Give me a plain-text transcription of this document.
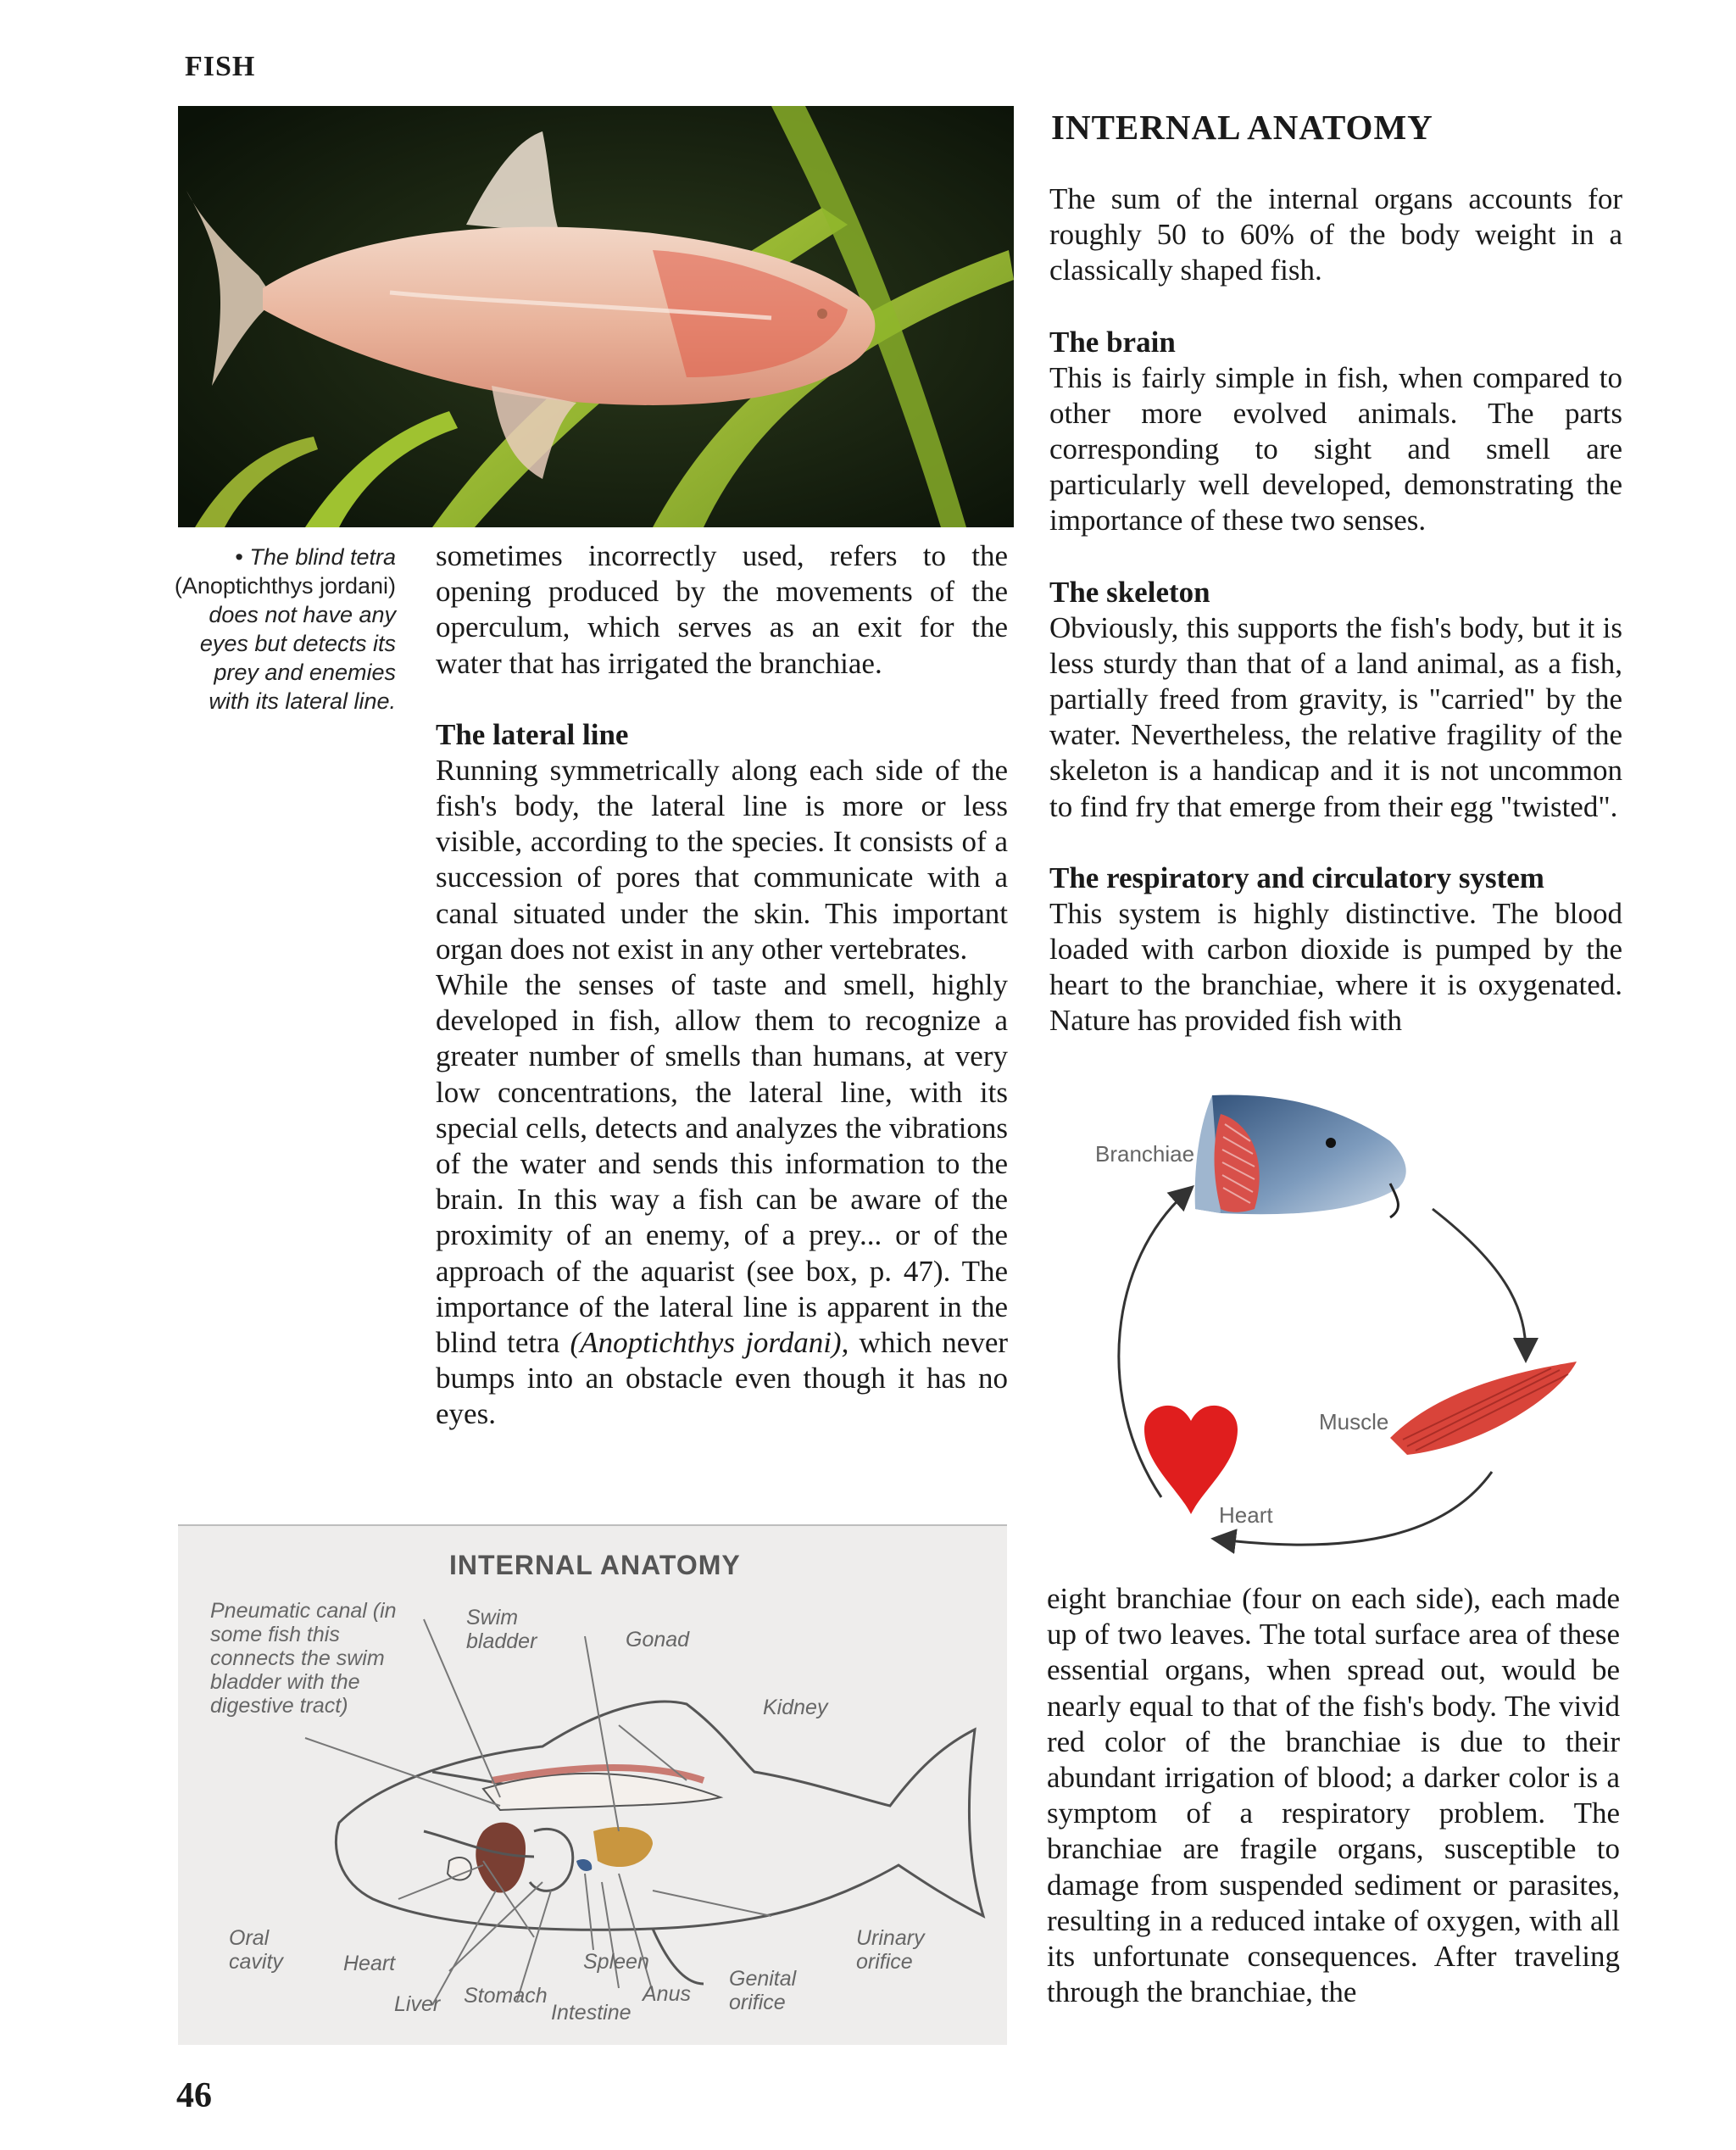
FISH
• The blind tetra (Anoptichthys jordani) does not have any eyes but detects its prey and enemies with its lateral line.

sometimes incorrectly used, refers to the opening produced by the movements of the operculum, which serves as an exit for the water that has irrigated the branchiae.

The lateral line

Running symmetrically along each side of the fish's body, the lateral line is more or less visible, according to the species. It consists of a succession of pores that communicate with a canal situated under the skin. This important organ does not exist in any other vertebrates.

While the senses of taste and smell, highly developed in fish, allow them to recognize a greater number of smells than humans, at very low concentrations, the lateral line, with its special cells, detects and analyzes the vibrations of the water and sends this information to the brain. In this way a fish can be aware of the proximity of an enemy, of a prey... or of the approach of the aquarist (see box, p. 47). The importance of the lateral line is apparent in the blind tetra (Anoptichthys jordani), which never bumps into an obstacle even though it has no eyes.

INTERNAL ANATOMY

The sum of the internal organs accounts for roughly 50 to 60% of the body weight in a classically shaped fish.

The brain

This is fairly simple in fish, when compared to other more evolved animals. The parts corresponding to sight and smell are particularly well developed, demonstrating the importance of these two senses.

The skeleton

Obviously, this supports the fish's body, but it is less sturdy than that of a land animal, as a fish, partially freed from gravity, is "carried" by the water. Nevertheless, the relative fragility of the skeleton is a handicap and it is not uncommon to find fry that emerge from their egg "twisted".

The respiratory and circulatory system

This system is highly distinctive. The blood loaded with carbon dioxide is pumped by the heart to the branchiae, where it is oxygenated. Nature has provided fish with

Branchiae
Muscle
Heart

eight branchiae (four on each side), each made up of two leaves. The total surface area of these essential organs, when spread out, would be nearly equal to that of the fish's body. The vivid red color of the branchiae is due to their abundant irrigation of blood; a darker color is a symptom of a respiratory problem. The branchiae are fragile organs, susceptible to damage from suspended sediment or parasites, resulting in a reduced intake of oxygen, with all its unfortunate consequences. After traveling through the branchiae, the

INTERNAL ANATOMY
Pneumatic canal (in some fish this connects the swim bladder with the digestive tract)
Swim bladder	Gonad
Kidney
Oral cavity	Heart
Liver Stomach
Intestine
Spleen
Anus
Genital orifice
Urinary orifice
46
